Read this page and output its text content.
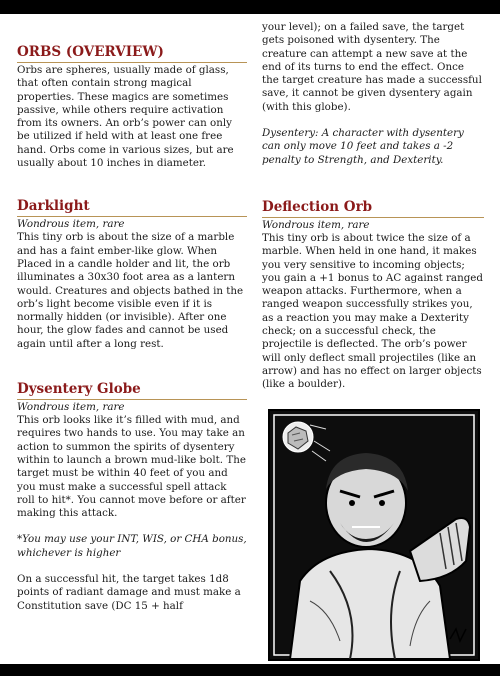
ORBS (OVERVIEW)

Orbs are spheres, usually made of glass, that often contain strong magical properties. These magics are sometimes passive, while others require activation from its owners. An orb’s power can only be utilized if held with at least one free hand. Orbs come in various sizes, but are usually about 10 inches in diameter.

Darklight

Wondrous item, rare

This tiny orb is about the size of a marble and has a faint ember-like glow. When Placed in a candle holder and lit, the orb illuminates a 30x30 foot area as a lantern would. Creatures and objects bathed in the orb’s light become visible even if it is normally hidden (or invisible). After one hour, the glow fades and cannot be used again until after a long rest.

Dysentery Globe

Wondrous item, rare

This orb looks like it’s filled with mud, and requires two hands to use. You may take an action to summon the spirits of dysentery within to launch a brown mud-like bolt. The target must be within 40 feet of you and you must make a successful spell attack roll to hit*. You cannot move before or after making this attack.

*You may use your INT, WIS, or CHA bonus, whichever is higher

On a successful hit, the target takes 1d8 points of radiant damage and must make a Constitution save (DC 15 + half

your level); on a failed save, the target gets poisoned with dysentery. The creature can attempt a new save at the end of its turns to end the effect. Once the target creature has made a successful save, it cannot be given dysentery again (with this globe).

Dysentery: A character with dysentery can only move 10 feet and takes a -2 penalty to Strength, and Dexterity.

Deflection Orb

Wondrous item, rare

This tiny orb is about twice the size of a marble. When held in one hand, it makes you very sensitive to incoming objects; you gain a +1 bonus to AC against ranged weapon attacks. Furthermore, when a ranged weapon successfully strikes you, as a reaction you may make a Dexterity check; on a successful check, the projectile is deflected. The orb’s power will only deflect small projectiles (like an arrow) and has no effect on larger objects (like a boulder).
